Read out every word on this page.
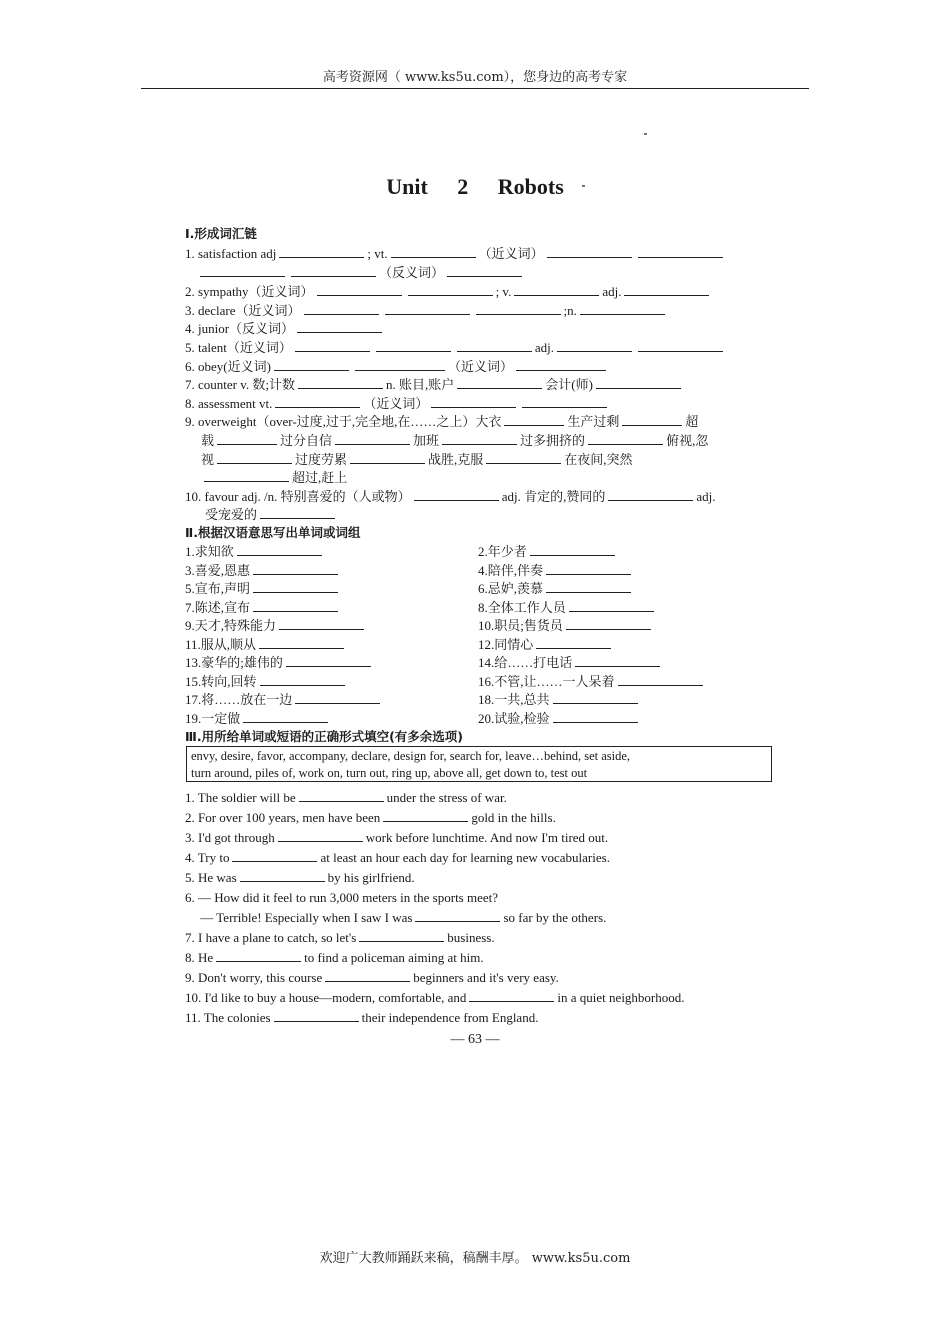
高考资源网（ www.ks5u.com），您身边的高考专家
Unit 2 Robots
Ⅰ.形成词汇链
1. satisfaction adj	; vt.	（近义词）
（反义词）
2. sympathy（近义词）	; v.	adj.
3. declare（近义词）	;n.
4. junior（反义词）
5. talent（近义词）	adj.
6. obey(近义词)	（近义词）
7. counter v. 数;计数	n. 账目,账户	会计(师)
8. assessment vt.	（近义词）
9. overweight（over-过度,过于,完全地,在……之上）大衣	生产过剩	超
载	过分自信	加班	过多拥挤的	俯视,忽
视	过度劳累	战胜,克服	在夜间,突然
超过,赶上
10. favour adj. /n. 特别喜爱的（人或物）	adj. 肯定的,赞同的	adj.
受宠爱的
Ⅱ.根据汉语意思写出单词或词组
1.求知欲	2.年少者
3.喜爱,恩惠	4.陪伴,伴奏
5.宣布,声明	6.忌妒,羡慕
7.陈述,宣布	8.全体工作人员
9.天才,特殊能力	10.职员;售货员
11.服从,顺从	12.同情心
13.豪华的;雄伟的	14.给……打电话
15.转向,回转	16.不管,让……一人呆着
17.将……放在一边	18.一共,总共
19.一定做	20.试验,检验
Ⅲ.用所给单词或短语的正确形式填空(有多余选项)
envy, desire, favor, accompany, declare, design for, search for, leave…behind, set aside,
turn around, piles of, work on, turn out, ring up, above all, get down to, test out
1. The soldier will be	under the stress of war.
2. For over 100 years, men have been	gold in the hills.
3. I'd got through	work before lunchtime. And now I'm tired out.
4. Try to	at least an hour each day for learning new vocabularies.
5. He was	by his girlfriend.
6. — How did it feel to run 3,000 meters in the sports meet?
— Terrible! Especially when I saw I was	so far by the others.
7. I have a plane to catch, so let's	business.
8. He	to find a policeman aiming at him.
9. Don't worry, this course	beginners and it's very easy.
10. I'd like to buy a house—modern, comfortable, and	in a quiet neighborhood.
11. The colonies	their independence from England.
— 63 —
欢迎广大教师踊跃来稿，稿酬丰厚。 www.ks5u.com
